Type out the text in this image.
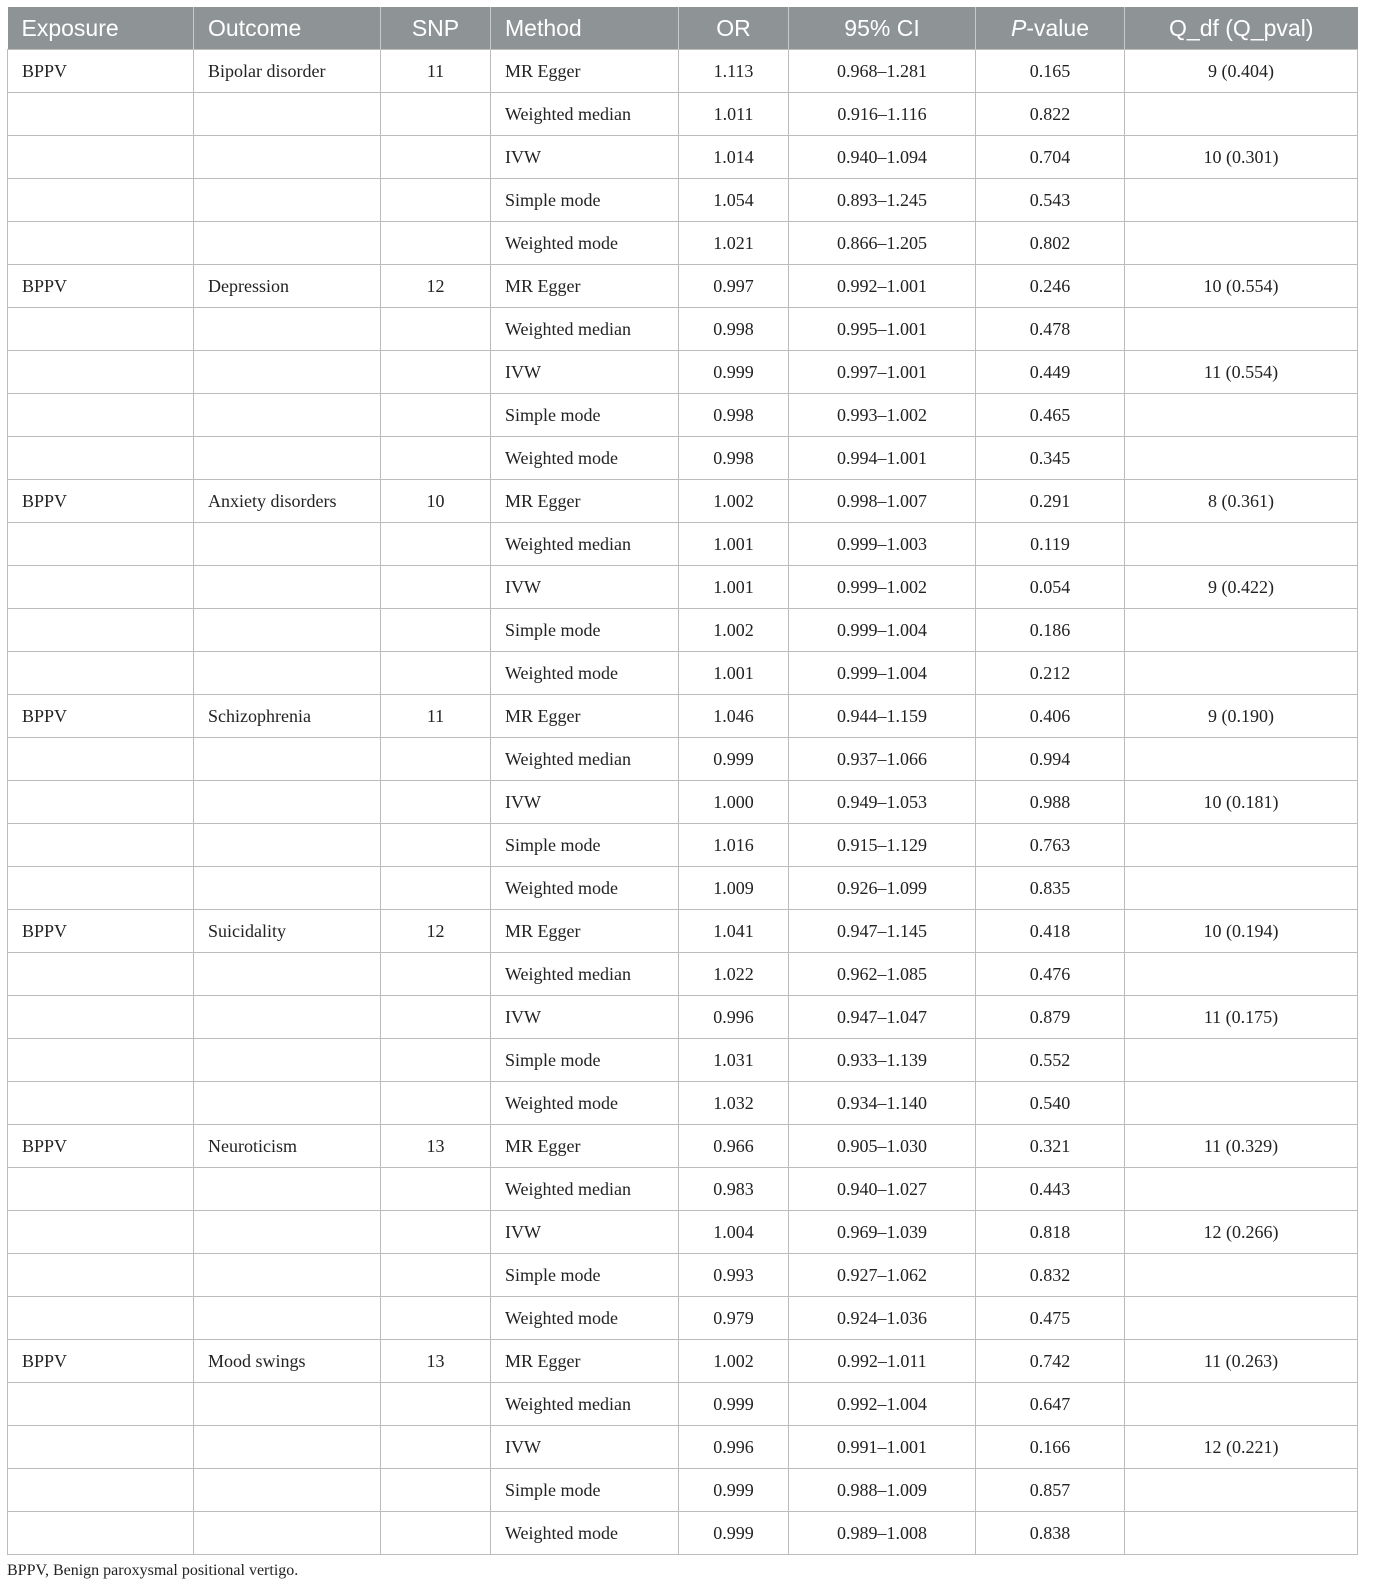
Exposure	Outcome	SNP	Method	OR	95% CI	P-value	Q_df (Q_pval)
BPPV	Bipolar disorder	11	MR Egger	1.113	0.968–1.281	0.165	9 (0.404)
			Weighted median	1.011	0.916–1.116	0.822	
			IVW	1.014	0.940–1.094	0.704	10 (0.301)
			Simple mode	1.054	0.893–1.245	0.543	
			Weighted mode	1.021	0.866–1.205	0.802	
BPPV	Depression	12	MR Egger	0.997	0.992–1.001	0.246	10 (0.554)
			Weighted median	0.998	0.995–1.001	0.478	
			IVW	0.999	0.997–1.001	0.449	11 (0.554)
			Simple mode	0.998	0.993–1.002	0.465	
			Weighted mode	0.998	0.994–1.001	0.345	
BPPV	Anxiety disorders	10	MR Egger	1.002	0.998–1.007	0.291	8 (0.361)
			Weighted median	1.001	0.999–1.003	0.119	
			IVW	1.001	0.999–1.002	0.054	9 (0.422)
			Simple mode	1.002	0.999–1.004	0.186	
			Weighted mode	1.001	0.999–1.004	0.212	
BPPV	Schizophrenia	11	MR Egger	1.046	0.944–1.159	0.406	9 (0.190)
			Weighted median	0.999	0.937–1.066	0.994	
			IVW	1.000	0.949–1.053	0.988	10 (0.181)
			Simple mode	1.016	0.915–1.129	0.763	
			Weighted mode	1.009	0.926–1.099	0.835	
BPPV	Suicidality	12	MR Egger	1.041	0.947–1.145	0.418	10 (0.194)
			Weighted median	1.022	0.962–1.085	0.476	
			IVW	0.996	0.947–1.047	0.879	11 (0.175)
			Simple mode	1.031	0.933–1.139	0.552	
			Weighted mode	1.032	0.934–1.140	0.540	
BPPV	Neuroticism	13	MR Egger	0.966	0.905–1.030	0.321	11 (0.329)
			Weighted median	0.983	0.940–1.027	0.443	
			IVW	1.004	0.969–1.039	0.818	12 (0.266)
			Simple mode	0.993	0.927–1.062	0.832	
			Weighted mode	0.979	0.924–1.036	0.475	
BPPV	Mood swings	13	MR Egger	1.002	0.992–1.011	0.742	11 (0.263)
			Weighted median	0.999	0.992–1.004	0.647	
			IVW	0.996	0.991–1.001	0.166	12 (0.221)
			Simple mode	0.999	0.988–1.009	0.857	
			Weighted mode	0.999	0.989–1.008	0.838	
BPPV, Benign paroxysmal positional vertigo.
